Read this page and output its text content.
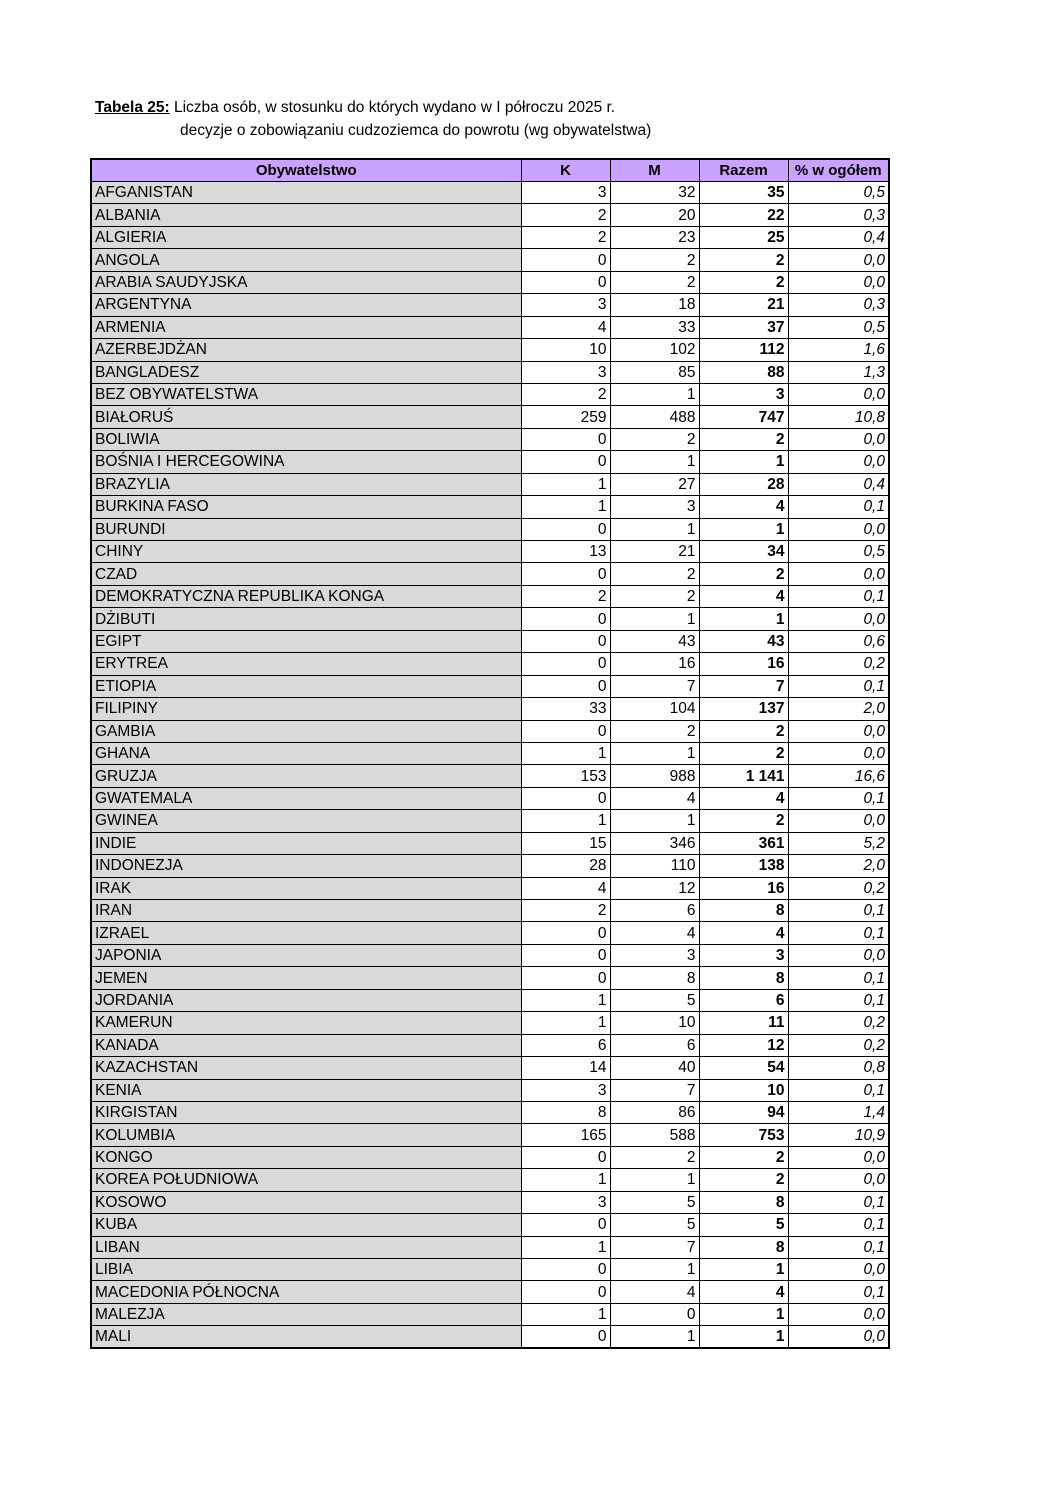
Tabela 25: Liczba osób, w stosunku do których wydano w I półroczu 2025 r.
decyzje o zobowiązaniu cudzoziemca do powrotu (wg obywatelstwa)
Obywatelstwo	K	M	Razem	% w ogółem
AFGANISTAN	3	32	35	0,5
ALBANIA	2	20	22	0,3
ALGIERIA	2	23	25	0,4
ANGOLA	0	2	2	0,0
ARABIA SAUDYJSKA	0	2	2	0,0
ARGENTYNA	3	18	21	0,3
ARMENIA	4	33	37	0,5
AZERBEJDŻAN	10	102	112	1,6
BANGLADESZ	3	85	88	1,3
BEZ OBYWATELSTWA	2	1	3	0,0
BIAŁORUŚ	259	488	747	10,8
BOLIWIA	0	2	2	0,0
BOŚNIA I HERCEGOWINA	0	1	1	0,0
BRAZYLIA	1	27	28	0,4
BURKINA FASO	1	3	4	0,1
BURUNDI	0	1	1	0,0
CHINY	13	21	34	0,5
CZAD	0	2	2	0,0
DEMOKRATYCZNA REPUBLIKA KONGA	2	2	4	0,1
DŻIBUTI	0	1	1	0,0
EGIPT	0	43	43	0,6
ERYTREA	0	16	16	0,2
ETIOPIA	0	7	7	0,1
FILIPINY	33	104	137	2,0
GAMBIA	0	2	2	0,0
GHANA	1	1	2	0,0
GRUZJA	153	988	1 141	16,6
GWATEMALA	0	4	4	0,1
GWINEA	1	1	2	0,0
INDIE	15	346	361	5,2
INDONEZJA	28	110	138	2,0
IRAK	4	12	16	0,2
IRAN	2	6	8	0,1
IZRAEL	0	4	4	0,1
JAPONIA	0	3	3	0,0
JEMEN	0	8	8	0,1
JORDANIA	1	5	6	0,1
KAMERUN	1	10	11	0,2
KANADA	6	6	12	0,2
KAZACHSTAN	14	40	54	0,8
KENIA	3	7	10	0,1
KIRGISTAN	8	86	94	1,4
KOLUMBIA	165	588	753	10,9
KONGO	0	2	2	0,0
KOREA POŁUDNIOWA	1	1	2	0,0
KOSOWO	3	5	8	0,1
KUBA	0	5	5	0,1
LIBAN	1	7	8	0,1
LIBIA	0	1	1	0,0
MACEDONIA PÓŁNOCNA	0	4	4	0,1
MALEZJA	1	0	1	0,0
MALI	0	1	1	0,0
